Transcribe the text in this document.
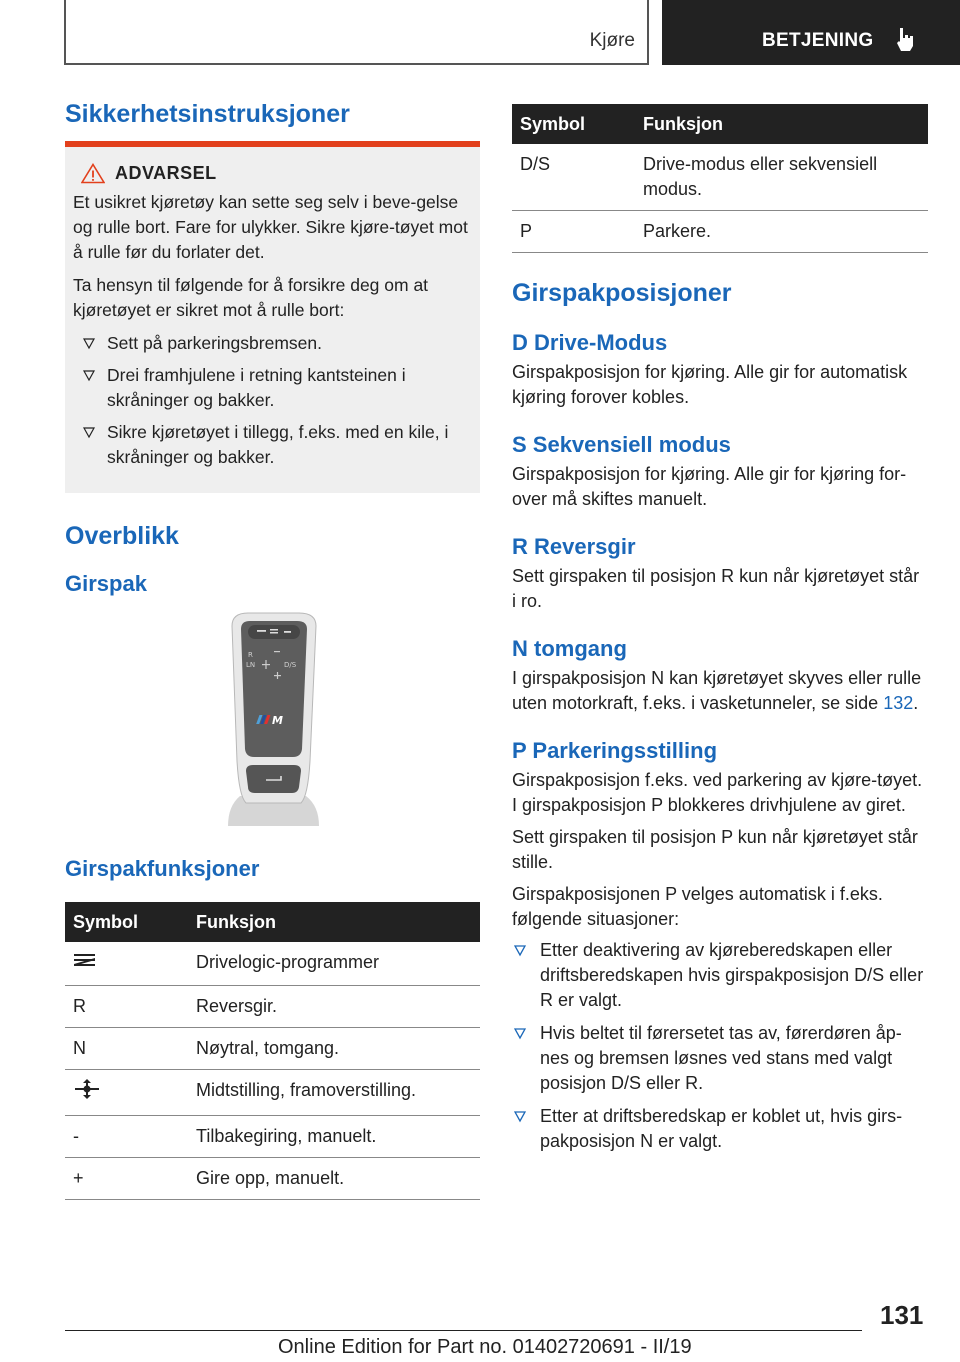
Kjøre	BETJENING
Sikkerhetsinstruksjoner
ADVARSEL

Et usikret kjøretøy kan sette seg selv i beve-gelse og rulle bort. Fare for ulykker. Sikre kjøre-tøyet mot å rulle før du forlater det.

Ta hensyn til følgende for å forsikre deg om at kjøretøyet er sikret mot å rulle bort:

Sett på parkeringsbremsen.
Drei framhjulene i retning kantsteinen i skråninger og bakker.
Sikre kjøretøyet i tillegg, f.eks. med en kile, i skråninger og bakker.
Overblikk
Girspak
R
LN	D/S
M
Girspakfunksjoner
Symbol	Funksjon
	Drivelogic-programmer
R	Reversgir.
N	Nøytral, tomgang.
	Midtstilling, framoverstilling.
-	Tilbakegiring, manuelt.
+	Gire opp, manuelt.
Symbol	Funksjon
D/S	Drive-modus eller sekvensiell modus.
P	Parkere.
Girspakposisjoner
D Drive-Modus

Girspakposisjon for kjøring. Alle gir for automatisk kjøring forover kobles.

S Sekvensiell modus

Girspakposisjon for kjøring. Alle gir for kjøring for-over må skiftes manuelt.

R Reversgir

Sett girspaken til posisjon R kun når kjøretøyet står i ro.

N tomgang

I girspakposisjon N kan kjøretøyet skyves eller rulle uten motorkraft, f.eks. i vasketunneler, se side 132.

P Parkeringsstilling

Girspakposisjon f.eks. ved parkering av kjøre-tøyet. I girspakposisjon P blokkeres drivhjulene av giret.

Sett girspaken til posisjon P kun når kjøretøyet står stille.

Girspakposisjonen P velges automatisk i f.eks. følgende situasjoner:

Etter deaktivering av kjøreberedskapen eller driftsberedskapen hvis girspakposisjon D/S eller R er valgt.
Hvis beltet til førersetet tas av, førerdøren åp-nes og bremsen løsnes ved stans med valgt posisjon D/S eller R.
Etter at driftsberedskap er koblet ut, hvis girs-pakposisjon N er valgt.
131
Online Edition for Part no. 01402720691 - II/19
